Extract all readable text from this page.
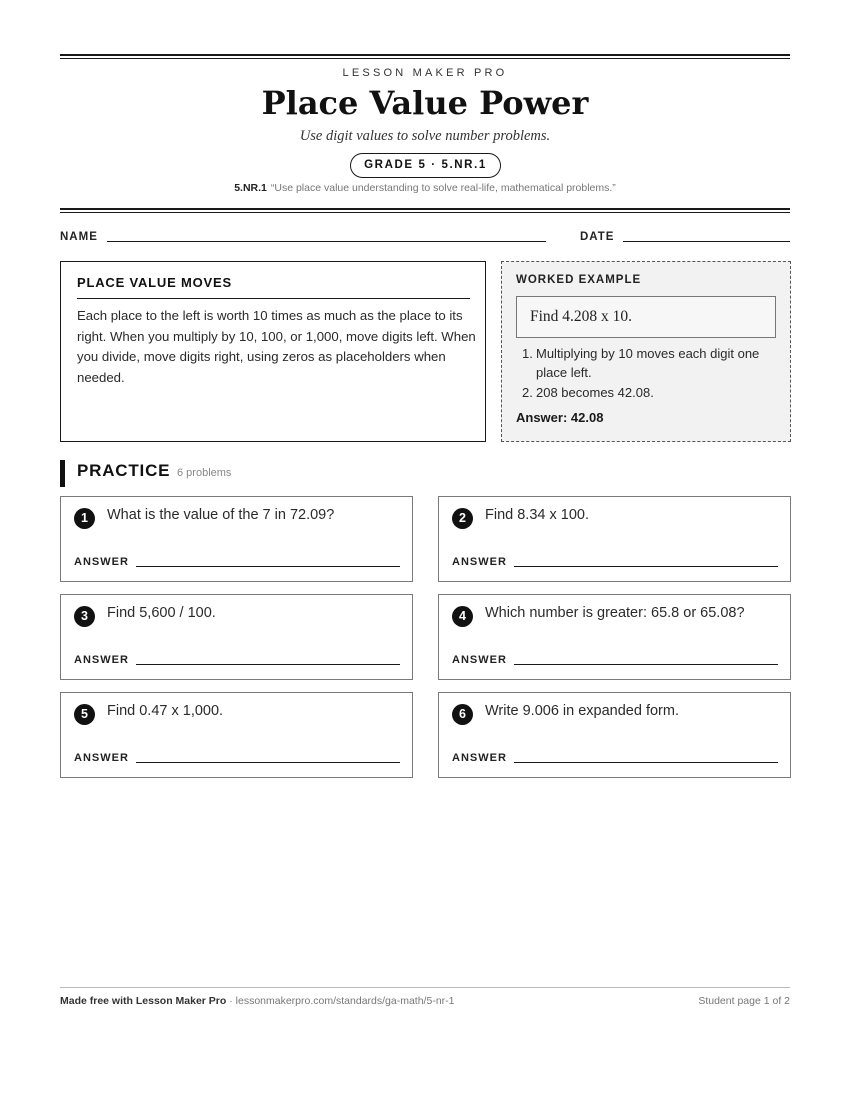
LESSON MAKER PRO
Place Value Power
Use digit values to solve number problems.
GRADE 5 · 5.NR.1
5.NR.1 “Use place value understanding to solve real-life, mathematical problems.”
NAME	DATE
PLACE VALUE MOVES
Each place to the left is worth 10 times as much as the place to its right. When you multiply by 10, 100, or 1,000, move digits left. When you divide, move digits right, using zeros as placeholders when needed.
WORKED EXAMPLE
Find 4.208 x 10.
1. Multiplying by 10 moves each digit one place left.
2. 208 becomes 42.08.
Answer: 42.08
PRACTICE 6 problems
1	What is the value of the 7 in 72.09?
ANSWER
2	Find 8.34 x 100.
ANSWER
3	Find 5,600 / 100.
ANSWER
4	Which number is greater: 65.8 or 65.08?
ANSWER
5	Find 0.47 x 1,000.
ANSWER
6	Write 9.006 in expanded form.
ANSWER
Made free with Lesson Maker Pro · lessonmakerpro.com/standards/ga-math/5-nr-1	Student page 1 of 2
